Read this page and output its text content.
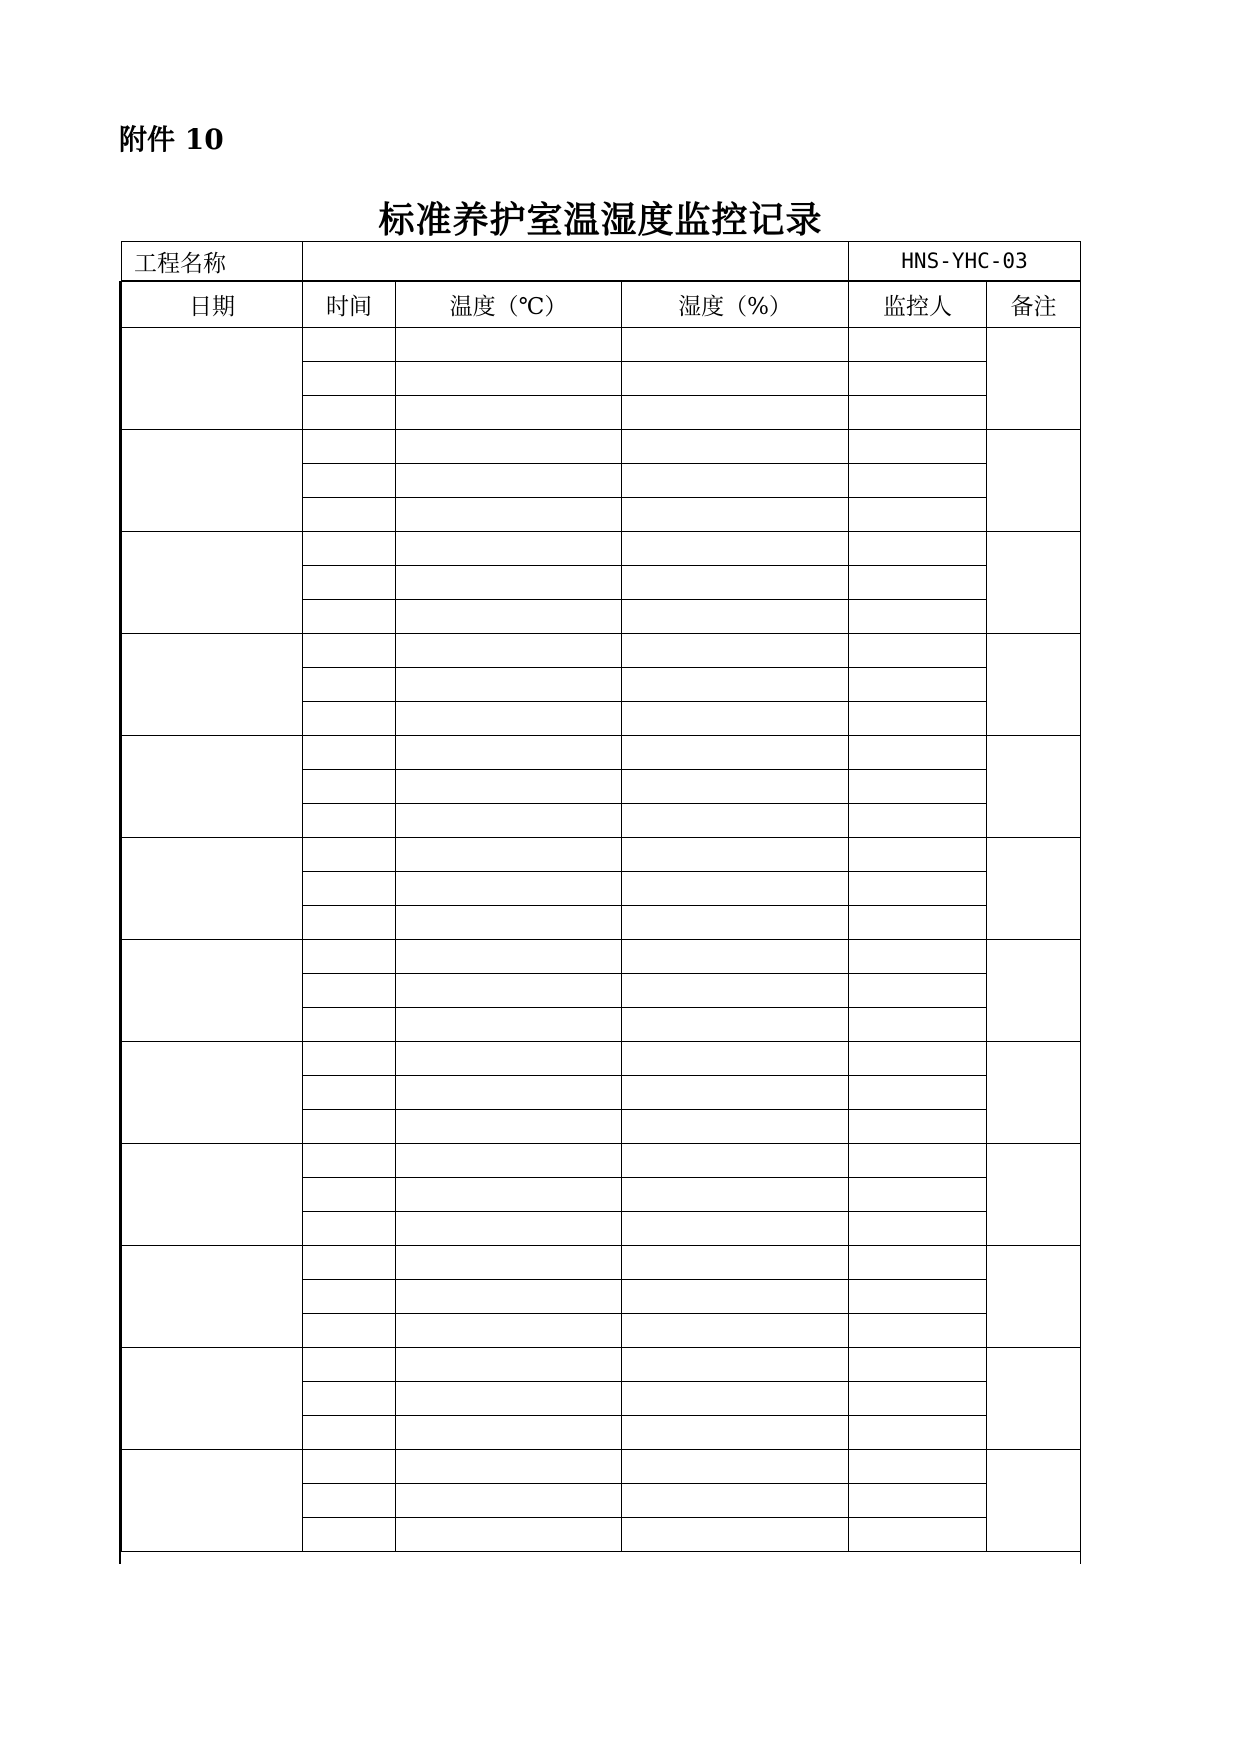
附件 10
标准养护室温湿度监控记录
工程名称		HNS-YHC-03
日期	时间	温度（℃）	湿度（%）	监控人	备注
